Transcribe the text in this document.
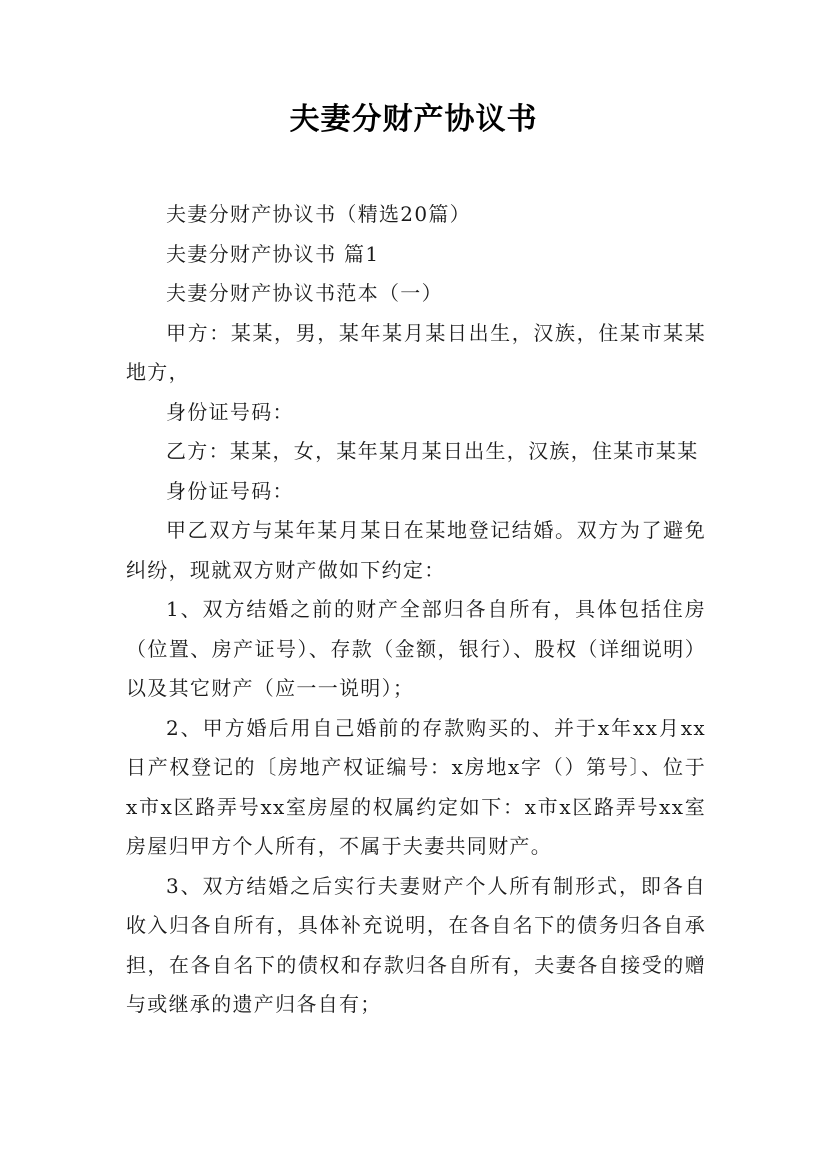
夫妻分财产协议书

夫妻分财产协议书（精选20篇）

夫妻分财产协议书 篇1

夫妻分财产协议书范本（一）

甲方：某某，男，某年某月某日出生，汉族，住某市某某地方，

身份证号码：

乙方：某某，女，某年某月某日出生，汉族，住某市某某

身份证号码：

甲乙双方与某年某月某日在某地登记结婚。双方为了避免纠纷，现就双方财产做如下约定：

1、双方结婚之前的财产全部归各自所有，具体包括住房（位置、房产证号）、存款（金额，银行）、股权（详细说明）以及其它财产（应一一说明）；

2、甲方婚后用自己婚前的存款购买的、并于x年xx月xx日产权登记的〔房地产权证编号：x房地x字（）第号〕、位于x市x区路弄号xx室房屋的权属约定如下：x市x区路弄号xx室房屋归甲方个人所有，不属于夫妻共同财产。

3、双方结婚之后实行夫妻财产个人所有制形式，即各自收入归各自所有，具体补充说明，在各自名下的债务归各自承担，在各自名下的债权和存款归各自所有，夫妻各自接受的赠与或继承的遗产归各自有；
